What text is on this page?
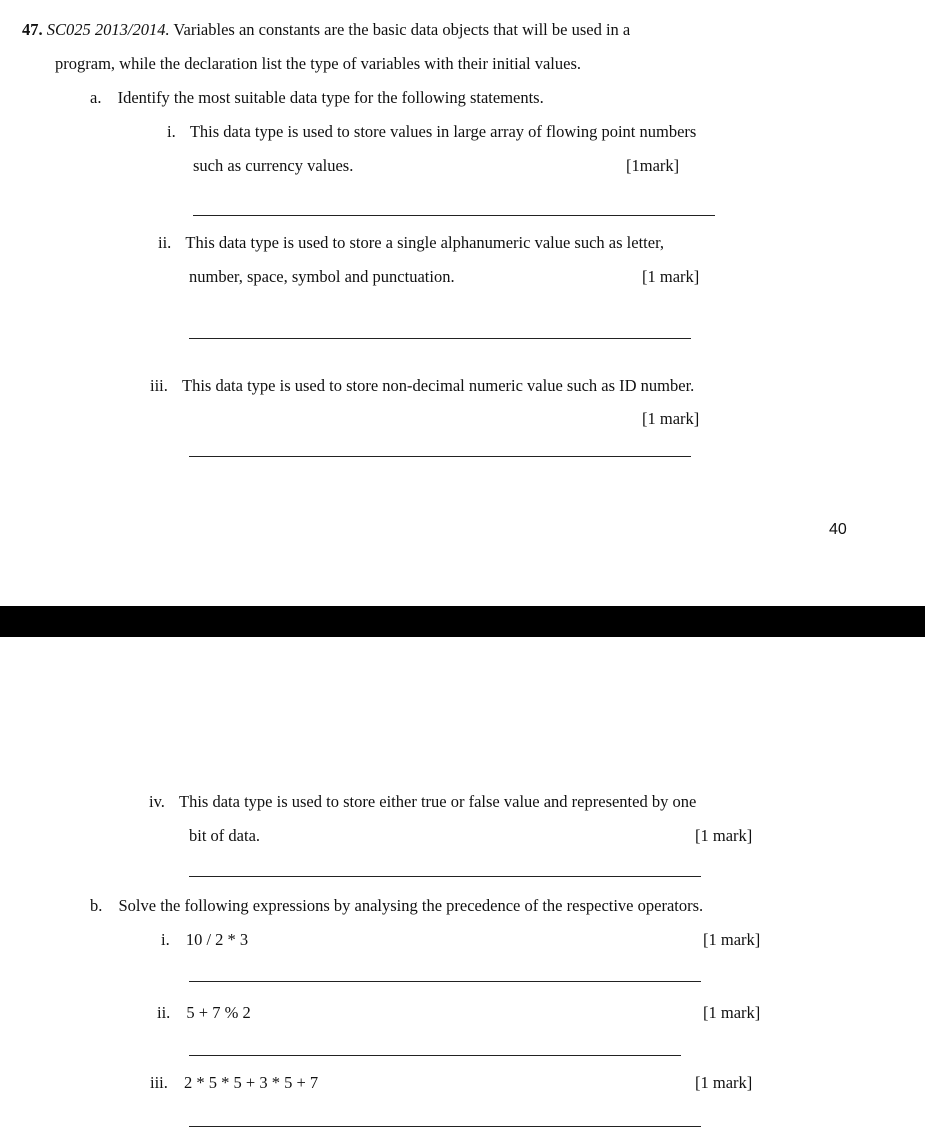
47. SC025 2013/2014. Variables an constants are the basic data objects that will be used in a
program, while the declaration list the type of variables with their initial values.
a. Identify the most suitable data type for the following statements.
i. This data type is used to store values in large array of flowing point numbers
such as currency values.	[1mark]
ii. This data type is used to store a single alphanumeric value such as letter,
number, space, symbol and punctuation.	[1 mark]
iii. This data type is used to store non-decimal numeric value such as ID number.
[1 mark]
40
iv. This data type is used to store either true or false value and represented by one
bit of data.	[1 mark]
b. Solve the following expressions by analysing the precedence of the respective operators.
i. 10 / 2 * 3	[1 mark]
ii. 5 + 7 % 2	[1 mark]
iii. 2 * 5 * 5 + 3 * 5 + 7	[1 mark]
